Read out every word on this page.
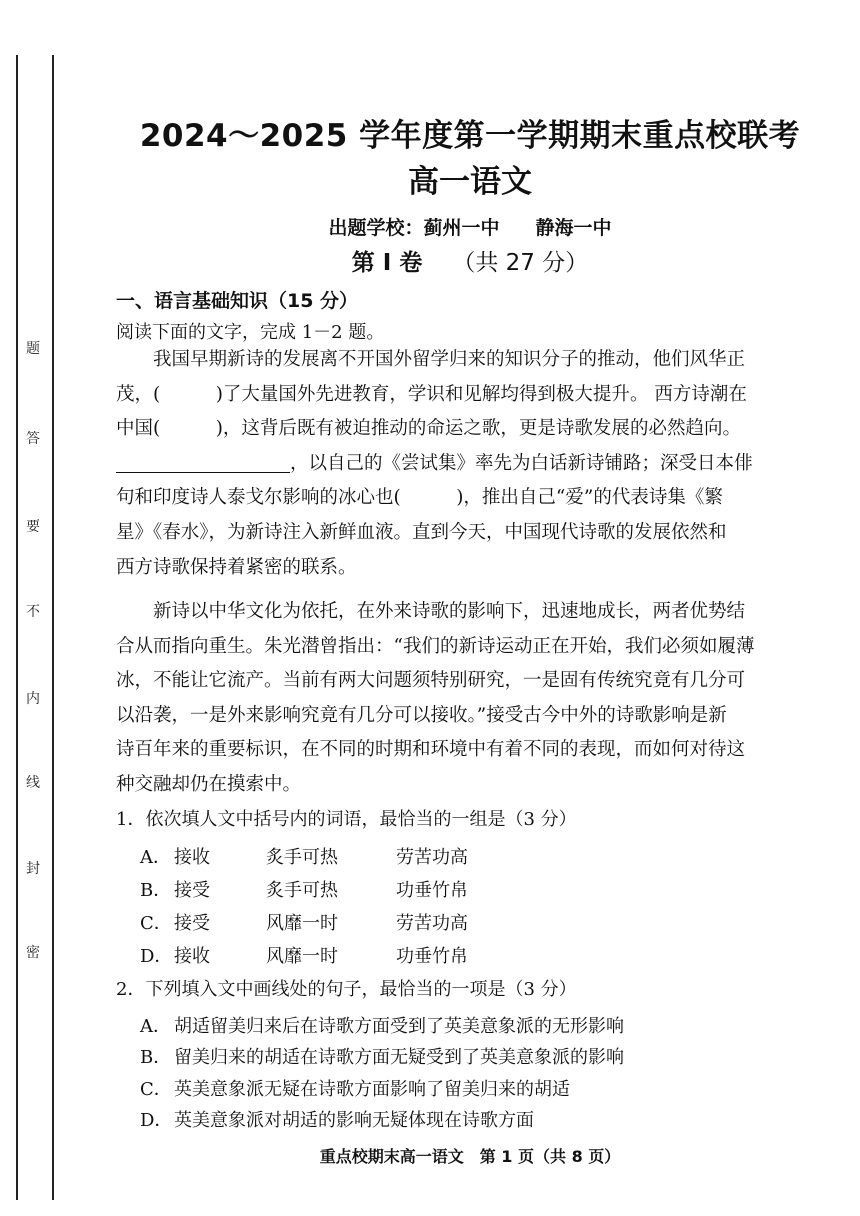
题
答
要
不
内
线
封
密
2024～2025 学年度第一学期期末重点校联考
高一语文
出题学校：蓟州一中 静海一中
第 I 卷 （共 27 分）
一、语言基础知识（15 分）
阅读下面的文字，完成 1－2 题。
我国早期新诗的发展离不开国外留学归来的知识分子的推动，他们风华正
茂，(　　　)了大量国外先进教育，学识和见解均得到极大提升。 西方诗潮在
中国(　　　)，这背后既有被迫推动的命运之歌，更是诗歌发展的必然趋向。
，以自己的《尝试集》率先为白话新诗铺路；深受日本俳
句和印度诗人泰戈尔影响的冰心也(　　　)，推出自己“爱”的代表诗集《繁
星》《春水》，为新诗注入新鲜血液。直到今天，中国现代诗歌的发展依然和
西方诗歌保持着紧密的联系。
新诗以中华文化为依托，在外来诗歌的影响下，迅速地成长，两者优势结
合从而指向重生。朱光潜曾指出：“我们的新诗运动正在开始，我们必须如履薄
冰，不能让它流产。当前有两大问题须特别研究，一是固有传统究竟有几分可
以沿袭，一是外来影响究竟有几分可以接收。”接受古今中外的诗歌影响是新
诗百年来的重要标识，在不同的时期和环境中有着不同的表现，而如何对待这
种交融却仍在摸索中。
1．依次填人文中括号内的词语，最恰当的一组是（3 分）
A． 接收	炙手可热	劳苦功高
B． 接受	炙手可热	功垂竹帛
C． 接受	风靡一时	劳苦功高
D．接收	风靡一时	功垂竹帛
2．下列填入文中画线处的句子，最恰当的一项是（3 分）
A． 胡适留美归来后在诗歌方面受到了英美意象派的无形影响
B． 留美归来的胡适在诗歌方面无疑受到了英美意象派的影响
C． 英美意象派无疑在诗歌方面影响了留美归来的胡适
D．英美意象派对胡适的影响无疑体现在诗歌方面
重点校期末高一语文　第 1 页（共 8 页）
